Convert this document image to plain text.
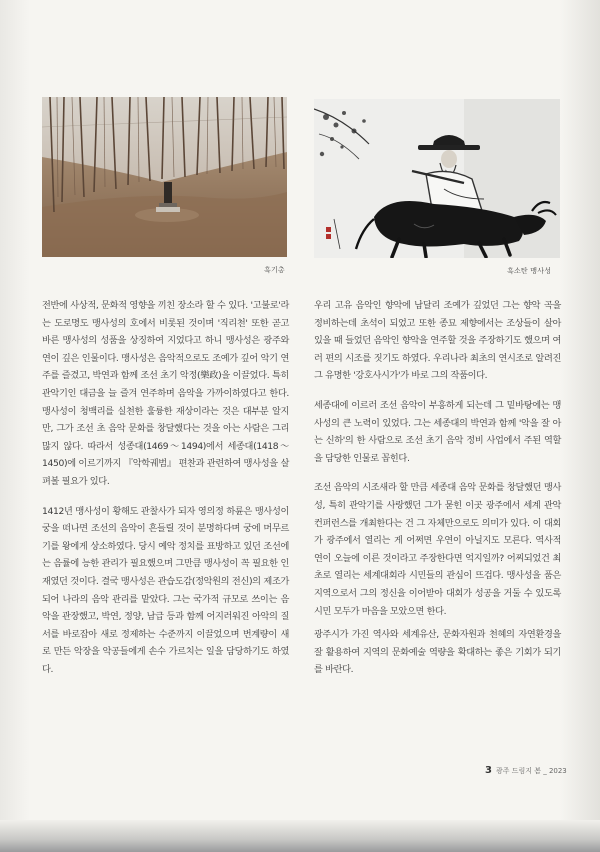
흑기총	흑소탄 맹사성

전반에 사상적, 문화적 영향을 끼친 장소라 할 수 있다. '고불로'라는 도로명도 맹사성의 호에서 비롯된 것이며 '직리천' 또한 곧고 바른 맹사성의 성품을 상징하여 지었다고 하니 맹사성은 광주와 연이 깊은 인물이다. 맹사성은 음악적으로도 조예가 깊어 악기 연주를 즐겼고, 박연과 함께 조선 초기 악정(樂政)을 이끌었다. 특히 관악기인 대금을 늘 즐겨 연주하며 음악을 가까이하였다고 한다. 맹사성이 청백리를 실천한 훌륭한 재상이라는 것은 대부분 알지만, 그가 조선 초 음악 문화를 창달했다는 것을 아는 사람은 그리 많지 않다. 따라서 성종대(1469～1494)에서 세종대(1418～1450)에 이르기까지 『악학궤범』 편찬과 관련하여 맹사성을 살펴볼 필요가 있다.

1412년 맹사성이 황해도 관찰사가 되자 영의정 하륜은 맹사성이 궁을 떠나면 조선의 음악이 흔들릴 것이 분명하다며 궁에 머무르기를 왕에게 상소하였다. 당시 예악 정치를 표방하고 있던 조선에는 음률에 능한 관리가 필요했으며 그만큼 맹사성이 꼭 필요한 인재였던 것이다. 결국 맹사성은 관습도감(정악원의 전신)의 제조가 되어 나라의 음악 관리를 맡았다. 그는 국가적 규모로 쓰이는 음악을 관장했고, 박연, 정양, 남급 등과 함께 어지러워진 아악의 질서를 바로잡아 새로 정제하는 수준까지 이끌었으며 번계량이 새로 만든 악장을 악공들에게 손수 가르치는 일을 담당하기도 하였다.

우리 고유 음악인 향악에 남달리 조예가 깊었던 그는 향악 곡을 정비하는데 초석이 되었고 또한 종묘 제향에서는 조상들이 살아있을 때 들었던 음악인 향악을 연주할 것을 주장하기도 했으며 여러 편의 시조를 짓기도 하였다. 우리나라 최초의 연시조로 알려진 그 유명한 '강호사시가'가 바로 그의 작품이다.

세종대에 이르러 조선 음악이 부흥하게 되는데 그 밑바탕에는 맹사성의 큰 노력이 있었다. 그는 세종대의 박연과 함께 '악을 잘 아는 신하'의 한 사람으로 조선 초기 음악 정비 사업에서 주된 역할을 담당한 인물로 꼽힌다.

조선 음악의 시조새라 할 만큼 세종대 음악 문화를 창달했던 맹사성, 특히 관악기를 사랑했던 그가 묻힌 이곳 광주에서 세계 관악 컨퍼런스를 개최한다는 건 그 자체만으로도 의미가 있다. 이 대회가 광주에서 열리는 게 어쩌면 우연이 아닐지도 모른다. 역사적 연이 오늘에 이른 것이라고 주장한다면 억지일까? 어찌되었건 최초로 열리는 세계대회라 시민들의 관심이 뜨겁다. 맹사성을 품은 지역으로서 그의 정신을 이어받아 대회가 성공을 거둘 수 있도록 시민 모두가 마음을 모았으면 한다.

광주시가 가진 역사와 세계유산, 문화자원과 천혜의 자연환경을 잘 활용하여 지역의 문화예술 역량을 확대하는 좋은 기회가 되기를 바란다.

3 광주 드림지 봄 _ 2023
